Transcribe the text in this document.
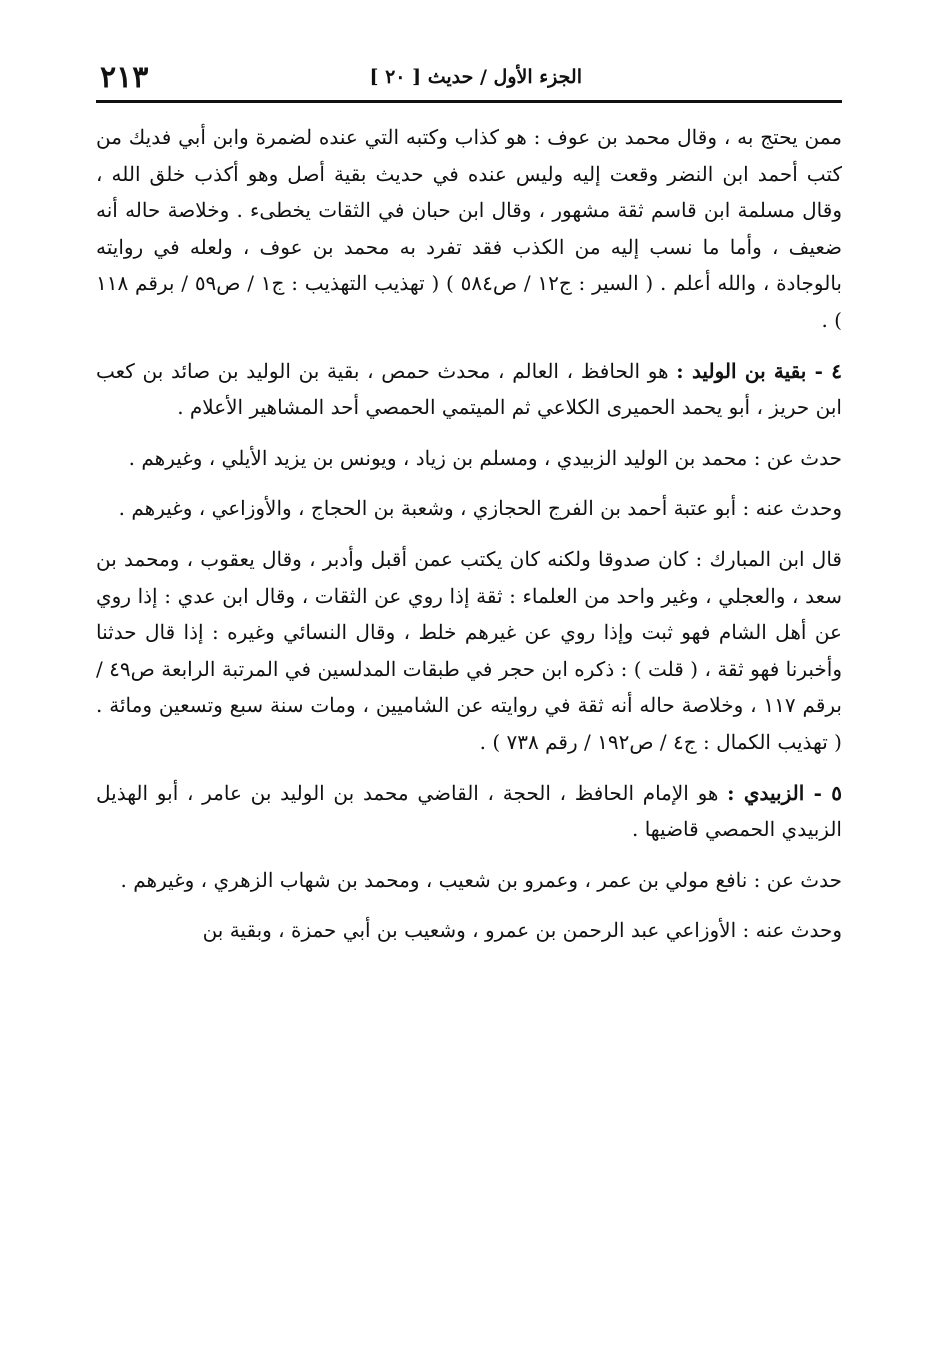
الجزء الأول / حديث [ ٢٠ ]
٢١٣

ممن يحتج به ، وقال محمد بن عوف : هو كذاب وكتبه التي عنده لضمرة وابن أبي فديك من كتب أحمد ابن النضر وقعت إليه وليس عنده في حديث بقية أصل وهو أكذب خلق الله ، وقال مسلمة ابن قاسم ثقة مشهور ، وقال ابن حبان في الثقات يخطىء . وخلاصة حاله أنه ضعيف ، وأما ما نسب إليه من الكذب فقد تفرد به محمد بن عوف ، ولعله في روايته بالوجادة ، والله أعلم . ( السير : ج١٢ / ص٥٨٤ ) ( تهذيب التهذيب : ج١ / ص٥٩ / برقم ١١٨ ) .

٤ - بقية بن الوليد : هو الحافظ ، العالم ، محدث حمص ، بقية بن الوليد بن صائد بن كعب ابن حريز ، أبو يحمد الحميرى الكلاعي ثم الميتمي الحمصي أحد المشاهير الأعلام .

حدث عن : محمد بن الوليد الزبيدي ، ومسلم بن زياد ، ويونس بن يزيد الأيلي ، وغيرهم .

وحدث عنه : أبو عتبة أحمد بن الفرج الحجازي ، وشعبة بن الحجاج ، والأوزاعي ، وغيرهم .

قال ابن المبارك : كان صدوقا ولكنه كان يكتب عمن أقبل وأدبر ، وقال يعقوب ، ومحمد بن سعد ، والعجلي ، وغير واحد من العلماء : ثقة إذا روي عن الثقات ، وقال ابن عدي : إذا روي عن أهل الشام فهو ثبت وإذا روي عن غيرهم خلط ، وقال النسائي وغيره : إذا قال حدثنا وأخبرنا فهو ثقة ، ( قلت ) : ذكره ابن حجر في طبقات المدلسين في المرتبة الرابعة ص٤٩ / برقم ١١٧ ، وخلاصة حاله أنه ثقة في روايته عن الشاميين ، ومات سنة سبع وتسعين ومائة . ( تهذيب الكمال : ج٤ / ص١٩٢ / رقم ٧٣٨ ) .

٥ - الزبيدي : هو الإمام الحافظ ، الحجة ، القاضي محمد بن الوليد بن عامر ، أبو الهذيل الزبيدي الحمصي قاضيها .

حدث عن : نافع مولي بن عمر ، وعمرو بن شعيب ، ومحمد بن شهاب الزهري ، وغيرهم .

وحدث عنه : الأوزاعي عبد الرحمن بن عمرو ، وشعيب بن أبي حمزة ، وبقية بن
